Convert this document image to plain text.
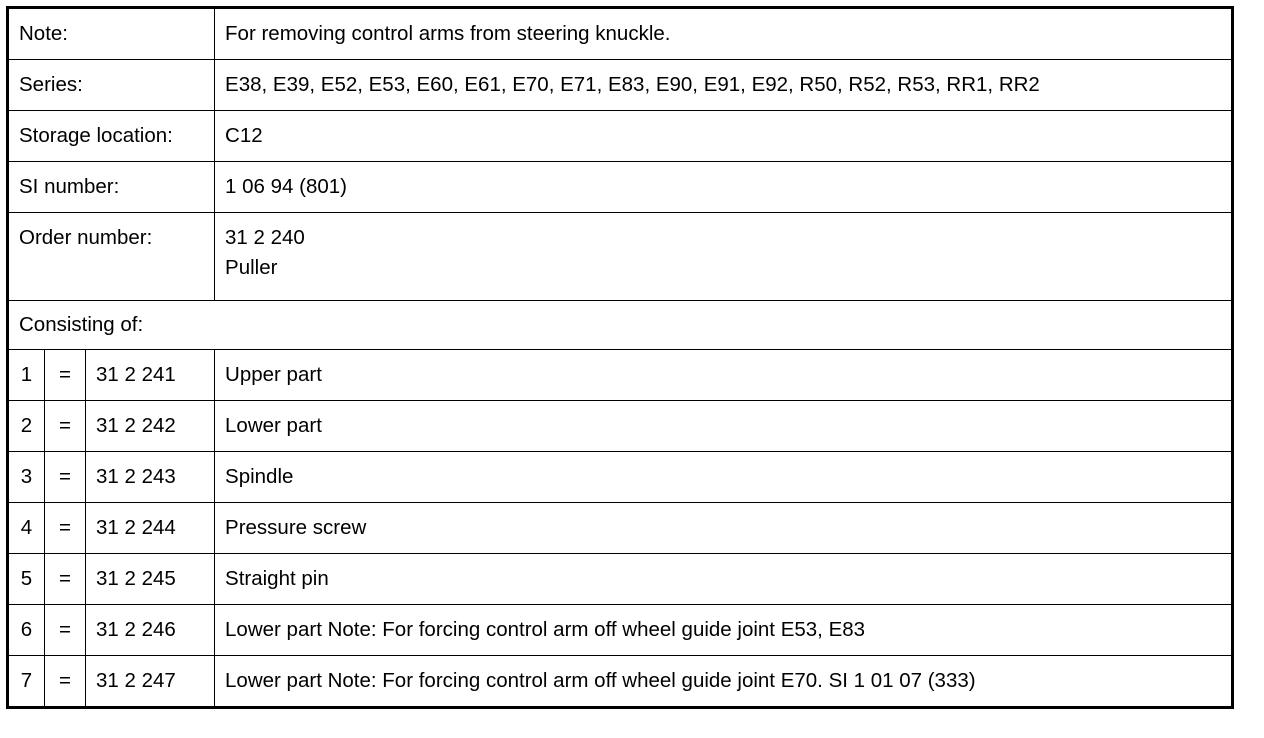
Note:			For removing control arms from steering knuckle.
Series:			E38, E39, E52, E53, E60, E61, E70, E71, E83, E90, E91, E92, R50, R52, R53, RR1, RR2
Storage location:			C12
SI number:			1 06 94 (801)
Order number:			31 2 240
Puller

Consisting of:			
1	=	31 2 241	Upper part
2	=	31 2 242	Lower part
3	=	31 2 243	Spindle
4	=	31 2 244	Pressure screw
5	=	31 2 245	Straight pin
6	=	31 2 246	Lower part Note: For forcing control arm off wheel guide joint E53, E83
7	=	31 2 247	Lower part Note: For forcing control arm off wheel guide joint E70. SI 1 01 07 (333)
